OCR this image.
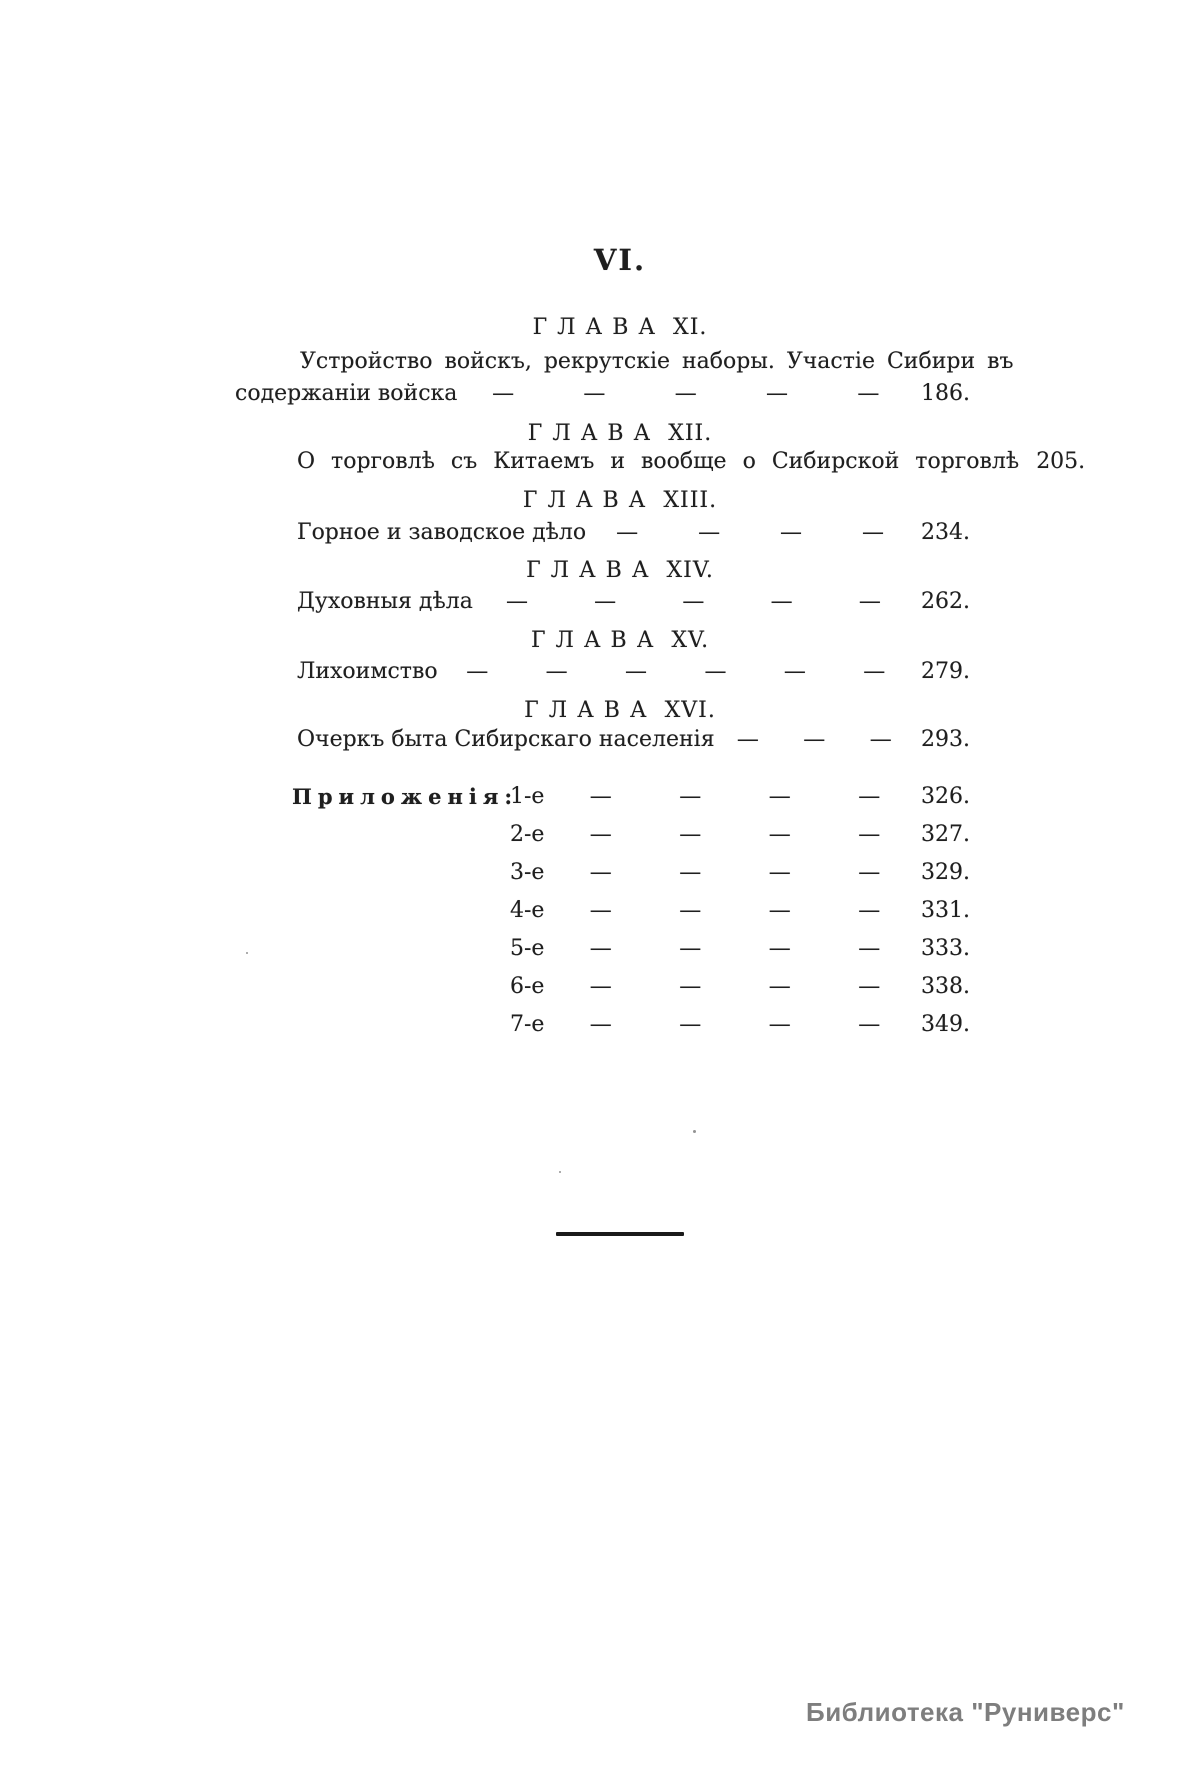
VI.
ГЛАВА XI.
Устройство войскъ, рекрутскіе наборы. Участіе Сибири въ
содержаніи войска —	—	—	—	—	186.
ГЛАВА XII.
О торговлѣ съ Китаемъ и вообще о Сибирской торговлѣ 205.
ГЛАВА XIII.
Горное и заводское дѣло —	—	—	—	234.
ГЛАВА XIV.
Духовныя дѣла —	—	—	—	—	262.
ГЛАВА XV.
Лихоимство —	—	—	—	—	—	279.
ГЛАВА XVI.
Очеркъ быта Сибирскаго населенія — — —	293.
Приложенія:
1-е	—	—	—	—	326.
2-е	—	—	—	—	327.
3-е	—	—	—	—	329.
4-е	—	—	—	—	331.
5-е	—	—	—	—	333.
6-е	—	—	—	—	338.
7-е	—	—	—	—	349.
Библиотека "Руниверс"
